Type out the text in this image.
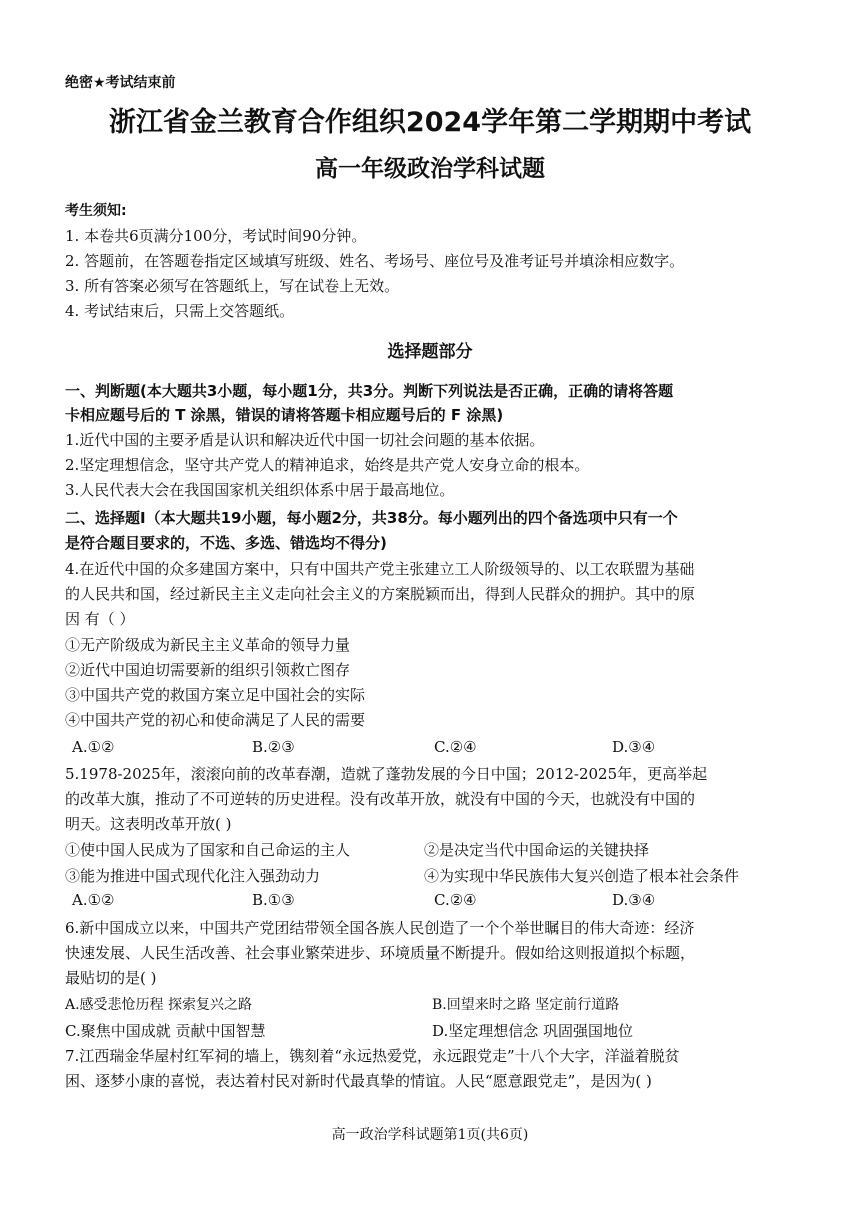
绝密★考试结束前
浙江省金兰教育合作组织2024学年第二学期期中考试
高一年级政治学科试题
考生须知:
1. 本卷共6页满分100分，考试时间90分钟。
2. 答题前，在答题卷指定区域填写班级、姓名、考场号、座位号及准考证号并填涂相应数字。
3. 所有答案必须写在答题纸上，写在试卷上无效。
4. 考试结束后，只需上交答题纸。
选择题部分
一、判断题(本大题共3小题，每小题1分，共3分。判断下列说法是否正确，正确的请将答题
卡相应题号后的 T 涂黑，错误的请将答题卡相应题号后的 F 涂黑)
1.近代中国的主要矛盾是认识和解决近代中国一切社会问题的基本依据。
2.坚定理想信念，坚守共产党人的精神追求，始终是共产党人安身立命的根本。
3.人民代表大会在我国国家机关组织体系中居于最高地位。
二、选择题I（本大题共19小题，每小题2分，共38分。每小题列出的四个备选项中只有一个
是符合题目要求的，不选、多选、错选均不得分)
4.在近代中国的众多建国方案中，只有中国共产党主张建立工人阶级领导的、以工农联盟为基础
的人民共和国，经过新民主主义走向社会主义的方案脱颖而出，得到人民群众的拥护。其中的原
因 有（ ）
①无产阶级成为新民主主义革命的领导力量
②近代中国迫切需要新的组织引领救亡图存
③中国共产党的救国方案立足中国社会的实际
④中国共产党的初心和使命满足了人民的需要
A.①②	B.②③	C.②④	D.③④
5.1978-2025年，滚滚向前的改革春潮，造就了蓬勃发展的今日中国；2012-2025年，更高举起
的改革大旗，推动了不可逆转的历史进程。没有改革开放，就没有中国的今天，也就没有中国的
明天。这表明改革开放( )
①使中国人民成为了国家和自己命运的主人	②是决定当代中国命运的关键抉择
③能为推进中国式现代化注入强劲动力	④为实现中华民族伟大复兴创造了根本社会条件
A.①②	B.①③	C.②④	D.③④
6.新中国成立以来，中国共产党团结带领全国各族人民创造了一个个举世瞩目的伟大奇迹：经济
快速发展、人民生活改善、社会事业繁荣进步、环境质量不断提升。假如给这则报道拟个标题，
最贴切的是( )
A.感受悲怆历程 探索复兴之路	B.回望来时之路 坚定前行道路
C.聚焦中国成就 贡献中国智慧	D.坚定理想信念 巩固强国地位
7.江西瑞金华屋村红军祠的墙上，镌刻着“永远热爱党，永远跟党走”十八个大字，洋溢着脱贫
困、逐梦小康的喜悦，表达着村民对新时代最真挚的情谊。人民“愿意跟党走”，是因为( )
高一政治学科试题第1页(共6页)
